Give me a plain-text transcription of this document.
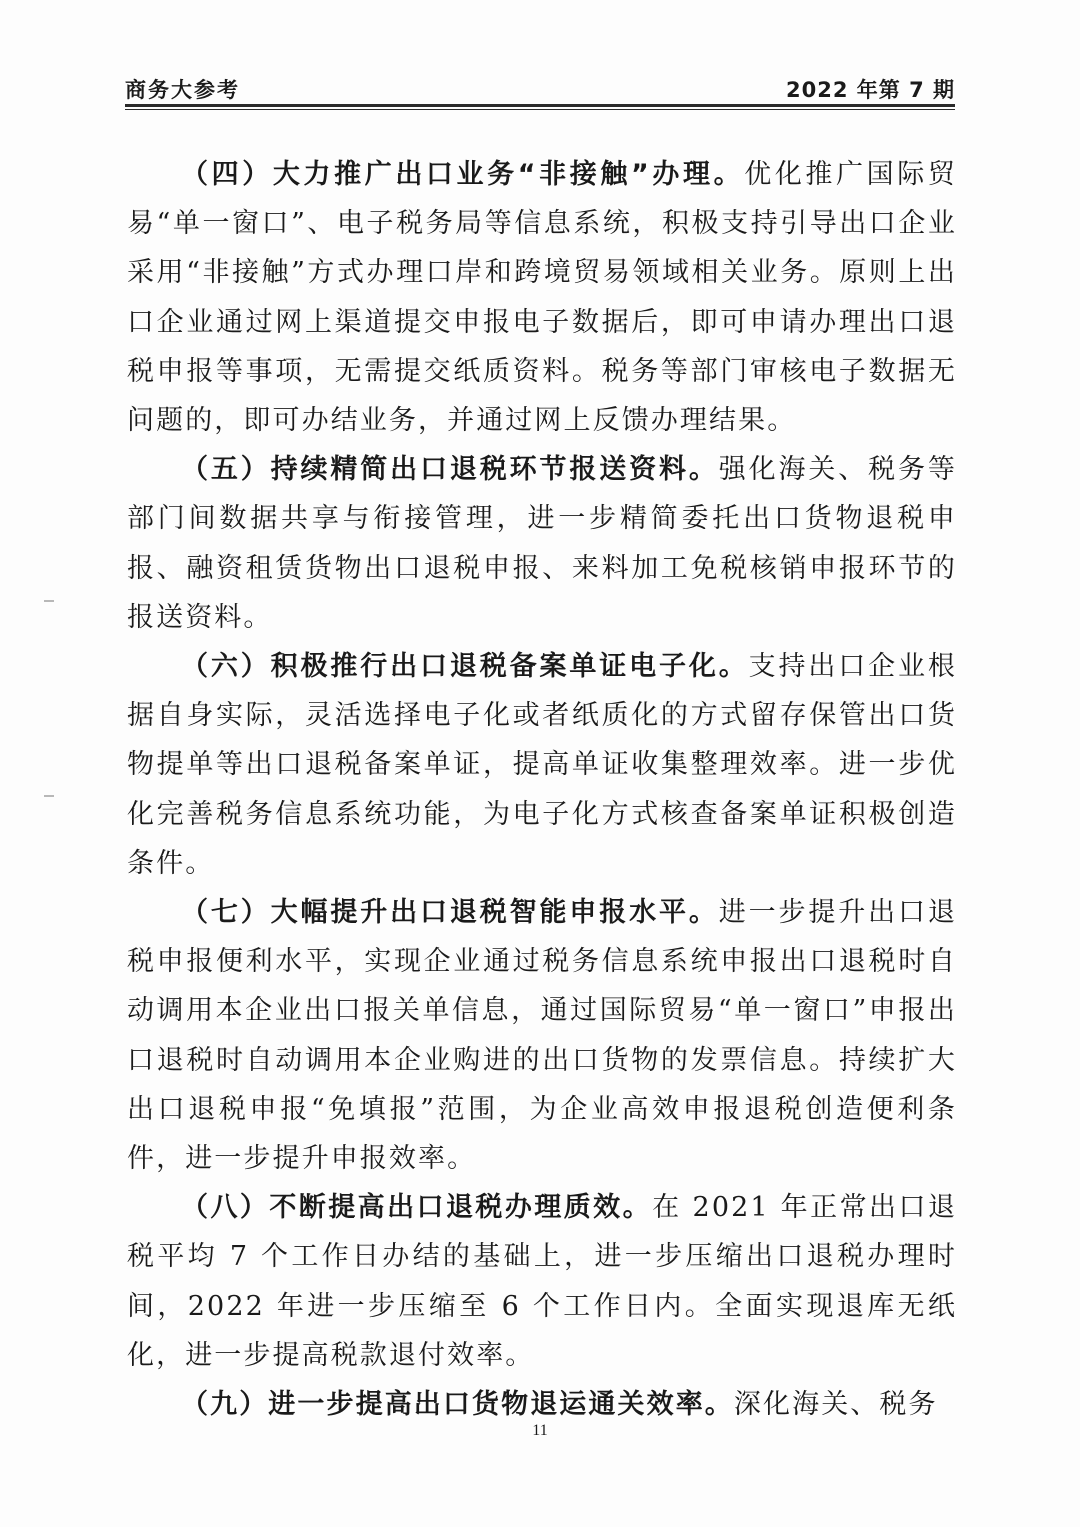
商务大参考	2022 年第 7 期

（四）大力推广出口业务“非接触”办理。优化推广国际贸易“单一窗口”、电子税务局等信息系统，积极支持引导出口企业采用“非接触”方式办理口岸和跨境贸易领域相关业务。原则上出口企业通过网上渠道提交申报电子数据后，即可申请办理出口退税申报等事项，无需提交纸质资料。税务等部门审核电子数据无问题的，即可办结业务，并通过网上反馈办理结果。

（五）持续精简出口退税环节报送资料。强化海关、税务等部门间数据共享与衔接管理，进一步精简委托出口货物退税申报、融资租赁货物出口退税申报、来料加工免税核销申报环节的报送资料。

（六）积极推行出口退税备案单证电子化。支持出口企业根据自身实际，灵活选择电子化或者纸质化的方式留存保管出口货物提单等出口退税备案单证，提高单证收集整理效率。进一步优化完善税务信息系统功能，为电子化方式核查备案单证积极创造条件。

（七）大幅提升出口退税智能申报水平。进一步提升出口退税申报便利水平，实现企业通过税务信息系统申报出口退税时自动调用本企业出口报关单信息，通过国际贸易“单一窗口”申报出口退税时自动调用本企业购进的出口货物的发票信息。持续扩大出口退税申报“免填报”范围，为企业高效申报退税创造便利条件，进一步提升申报效率。

（八）不断提高出口退税办理质效。在 2021 年正常出口退税平均 7 个工作日办结的基础上，进一步压缩出口退税办理时间，2022 年进一步压缩至 6 个工作日内。全面实现退库无纸化，进一步提高税款退付效率。

（九）进一步提高出口货物退运通关效率。深化海关、税务

11
